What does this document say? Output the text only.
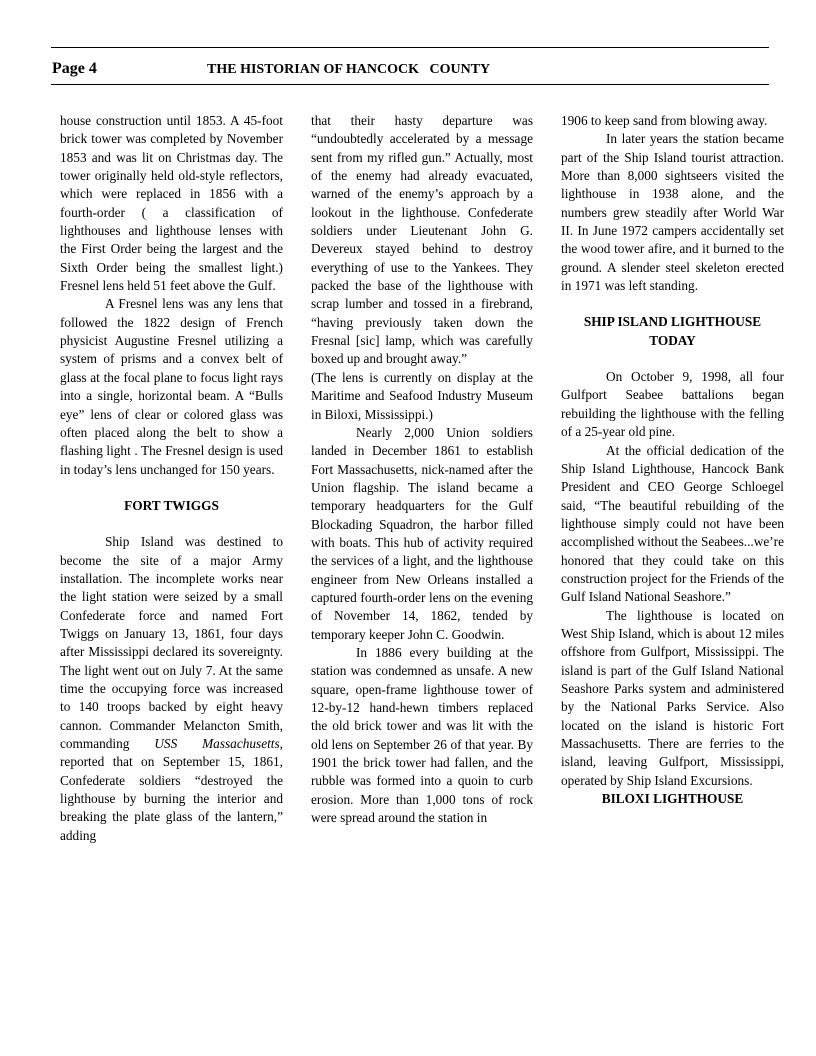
Page 4	THE HISTORIAN OF HANCOCK   COUNTY

house construction until 1853. A 45-foot brick tower was completed by November 1853 and was lit on Christmas day. The tower originally held old-style reflectors, which were replaced in 1856 with a fourth-order ( a classification of lighthouses and lighthouse lenses with the First Order being the largest and the Sixth Order being the smallest light.) Fresnel lens held 51 feet above the Gulf.

A Fresnel lens was any lens that followed the 1822 design of French physicist Augustine Fresnel utilizing a system of prisms and a convex belt of glass at the focal plane to focus light rays into a single, horizontal beam. A “Bulls eye” lens of clear or colored glass was often placed along the belt to show a flashing light . The Fresnel design is used in today’s lens unchanged for 150 years.

FORT TWIGGS

Ship Island was destined to become the site of a major Army installation. The incomplete works near the light station were seized by a small Confederate force and named Fort Twiggs on January 13, 1861, four days after Mississippi declared its sovereignty. The light went out on July 7. At the same time the occupying force was increased to 140 troops backed by eight heavy cannon. Commander Melancton Smith, commanding USS Massachusetts, reported that on September 15, 1861, Confederate soldiers “destroyed the lighthouse by burning the interior and breaking the plate glass of the lantern,” adding

that their hasty departure was “undoubtedly accelerated by a message sent from my rifled gun.” Actually, most of the enemy had already evacuated, warned of the enemy’s approach by a lookout in the lighthouse. Confederate soldiers under Lieutenant John G. Devereux stayed behind to destroy everything of use to the Yankees. They packed the base of the lighthouse with scrap lumber and tossed in a firebrand, “having previously taken down the Fresnal [sic] lamp, which was carefully boxed up and brought away.”

(The lens is currently on display at the Maritime and Seafood Industry Museum in Biloxi, Mississippi.)

Nearly 2,000 Union soldiers landed in December 1861 to establish Fort Massachusetts, nick-named after the Union flagship. The island became a temporary headquarters for the Gulf Blockading Squadron, the harbor filled with boats. This hub of activity required the services of a light, and the lighthouse engineer from New Orleans installed a captured fourth-order lens on the evening of November 14, 1862, tended by temporary keeper John C. Goodwin.

In 1886 every building at the station was condemned as unsafe. A new square, open-frame lighthouse tower of 12-by-12 hand-hewn timbers replaced the old brick tower and was lit with the old lens on September 26 of that year. By 1901 the brick tower had fallen, and the rubble was formed into a quoin to curb erosion. More than 1,000 tons of rock were spread around the station in

1906 to keep sand from blowing away.

In later years the station became part of the Ship Island tourist attraction. More than 8,000 sightseers visited the lighthouse in 1938 alone, and the numbers grew steadily after World War II. In June 1972 campers accidentally set the wood tower afire, and it burned to the ground. A slender steel skeleton erected in 1971 was left standing.

SHIP ISLAND LIGHTHOUSE TODAY

On October 9, 1998, all four Gulfport Seabee battalions began rebuilding the lighthouse with the felling of a 25-year old pine.

At the official dedication of the Ship Island Lighthouse, Hancock Bank President and CEO George Schloegel said, “The beautiful rebuilding of the lighthouse simply could not have been accomplished without the Seabees...we’re honored that they could take on this construction project for the Friends of the Gulf Island National Seashore.”

The lighthouse is located on West Ship Island, which is about 12 miles offshore from Gulfport, Mississippi. The island is part of the Gulf Island National Seashore Parks system and administered by the National Parks Service. Also located on the island is historic Fort Massachusetts. There are ferries to the island, leaving Gulfport, Mississippi, operated by Ship Island Excursions.

BILOXI LIGHTHOUSE
